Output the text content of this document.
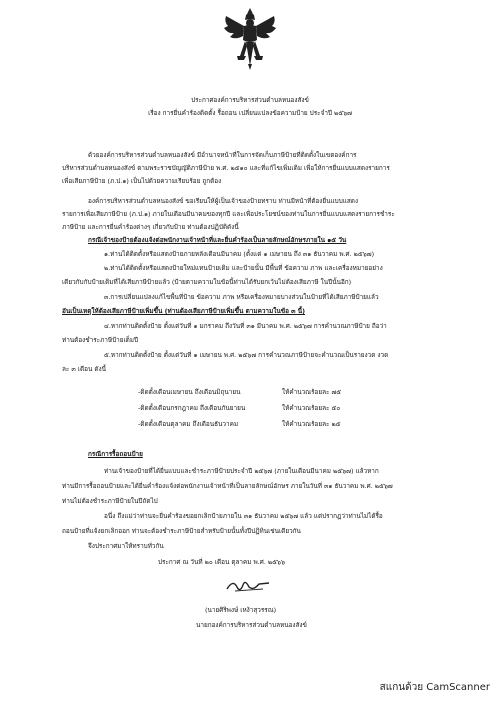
ประกาศองค์การบริหารส่วนตำบลหนองสังข์
เรื่อง การยื่นคำร้องติดตั้ง รื้อถอน เปลี่ยนแปลงข้อความป้าย ประจำปี ๒๕๖๗
ด้วยองค์การบริหารส่วนตำบลหนองสังข์ มีอำนาจหน้าที่ในการจัดเก็บภาษีป้ายที่ติดตั้งในเขตองค์การ
บริหารส่วนตำบลหนองสังข์ ตามพระราชบัญญัติภาษีป้าย พ.ศ. ๒๕๑๐ และที่แก้ไขเพิ่มเติม เพื่อให้การยื่นแบบแสดงรายการ
เพื่อเสียภาษีป้าย (ภ.ป.๑) เป็นไปด้วยความเรียบร้อย ถูกต้อง
องค์การบริหารส่วนตำบลหนองสังข์ ขอเรียนให้ผู้เป็นเจ้าของป้ายทราบ ท่านมีหน้าที่ต้องยื่นแบบแสดง
รายการเพื่อเสียภาษีป้าย (ภ.ป.๑) ภายในเดือนมีนาคมของทุกปี และเพื่อประโยชน์ของท่านในการยื่นแบบแสดงรายการชำระ
ภาษีป้าย และการยื่นคำร้องต่างๆ เกี่ยวกับป้าย ท่านต้องปฏิบัติดังนี้
กรณีเจ้าของป้ายต้องแจ้งต่อพนักงานเจ้าหน้าที่และยื่นคำร้องเป็นลายลักษณ์อักษรภายใน ๑๕ วัน
๑.ท่านได้ติดตั้งหรือแสดงป้ายภายหลังเดือนมีนาคม (ตั้งแต่ ๑ เมษายน ถึง ๓๑ ธันวาคม พ.ศ. ๒๕๖๗)
๒.ท่านได้ติดตั้งหรือแสดงป้ายใหม่แทนป้ายเดิม และป้ายนั้น มีพื้นที่ ข้อความ ภาพ และเครื่องหมายอย่าง
เดียวกับกับป้ายเดิมที่ได้เสียภาษีป้ายแล้ว (ป้ายตามความในข้อนี้ท่านได้รับยกเว้นไม่ต้องเสียภาษี ในปีนั้นอีก)
๓.การเปลี่ยนแปลงแก้ไขพื้นที่ป้าย ข้อความ ภาพ หรือเครื่องหมายบางส่วนในป้ายที่ได้เสียภาษีป้ายแล้ว
อันเป็นเหตุให้ต้องเสียภาษีป้ายเพิ่มขึ้น (ท่านต้องเสียภาษีป้ายเพิ่มขึ้น ตามความในข้อ ๓ นี้)
๔.หากท่านติดตั้งป้าย ตั้งแต่วันที่ ๑ มกราคม ถึงวันที่ ๓๑ มีนาคม พ.ศ. ๒๕๖๗ การคำนวณภาษีป้าย ถือว่า
ท่านต้องชำระภาษีป้ายเต็มปี
๕.หากท่านติดตั้งป้าย ตั้งแต่วันที่ ๑ เมษายน พ.ศ. ๒๕๖๗ การคำนวณภาษีป้ายจะคำนวณเป็นรายงวด งวด
ละ ๓ เดือน ดังนี้
-ติดตั้งเดือนเมษายน ถึงเดือนมิถุนายน	ให้คำนวณร้อยละ ๗๕
-ติดตั้งเดือนกรกฎาคม ถึงเดือนกันยายน	ให้คำนวณร้อยละ ๕๐
-ติดตั้งเดือนตุลาคม ถึงเดือนธันวาคม	ให้คำนวณร้อยละ ๒๕
กรณีการรื้อถอนป้าย
ท่านเจ้าของป้ายที่ได้ยื่นแบบและชำระภาษีป้ายประจำปี ๒๕๖๗ (ภายในเดือนมีนาคม ๒๕๖๗) แล้วหาก
ท่านมีการรื้อถอนป้ายและได้ยื่นคำร้องแจ้งต่อพนักงานเจ้าหน้าที่เป็นลายลักษณ์อักษร ภายในวันที่ ๓๑ ธันวาคม พ.ศ. ๒๕๖๗
ท่านไม่ต้องชำระภาษีป้ายในปีถัดไป
อนึ่ง ถึงแม่ว่าท่านจะยื่นคำร้องขอยกเลิกป้ายภายใน ๓๑ ธันวาคม ๒๕๖๗ แล้ว แต่ปรากฏว่าท่านไม่ได้รื้อ
ถอนป้ายที่แจ้งยกเลิกออก ท่านจะต้องชำระภาษีป้ายสำหรับป้ายนั้นทั้งปีปฏิทินเช่นเดียวกัน
จึงประกาศมาให้ทราบทั่วกัน
ประกาศ ณ วันที่ ๒๐ เดือน ตุลาคม พ.ศ. ๒๕๖๖
(นายศิริพงษ์ เหง้าสุวรรณ)
นายกองค์การบริหารส่วนตำบลหนองสังข์
สแกนด้วย CamScanner
